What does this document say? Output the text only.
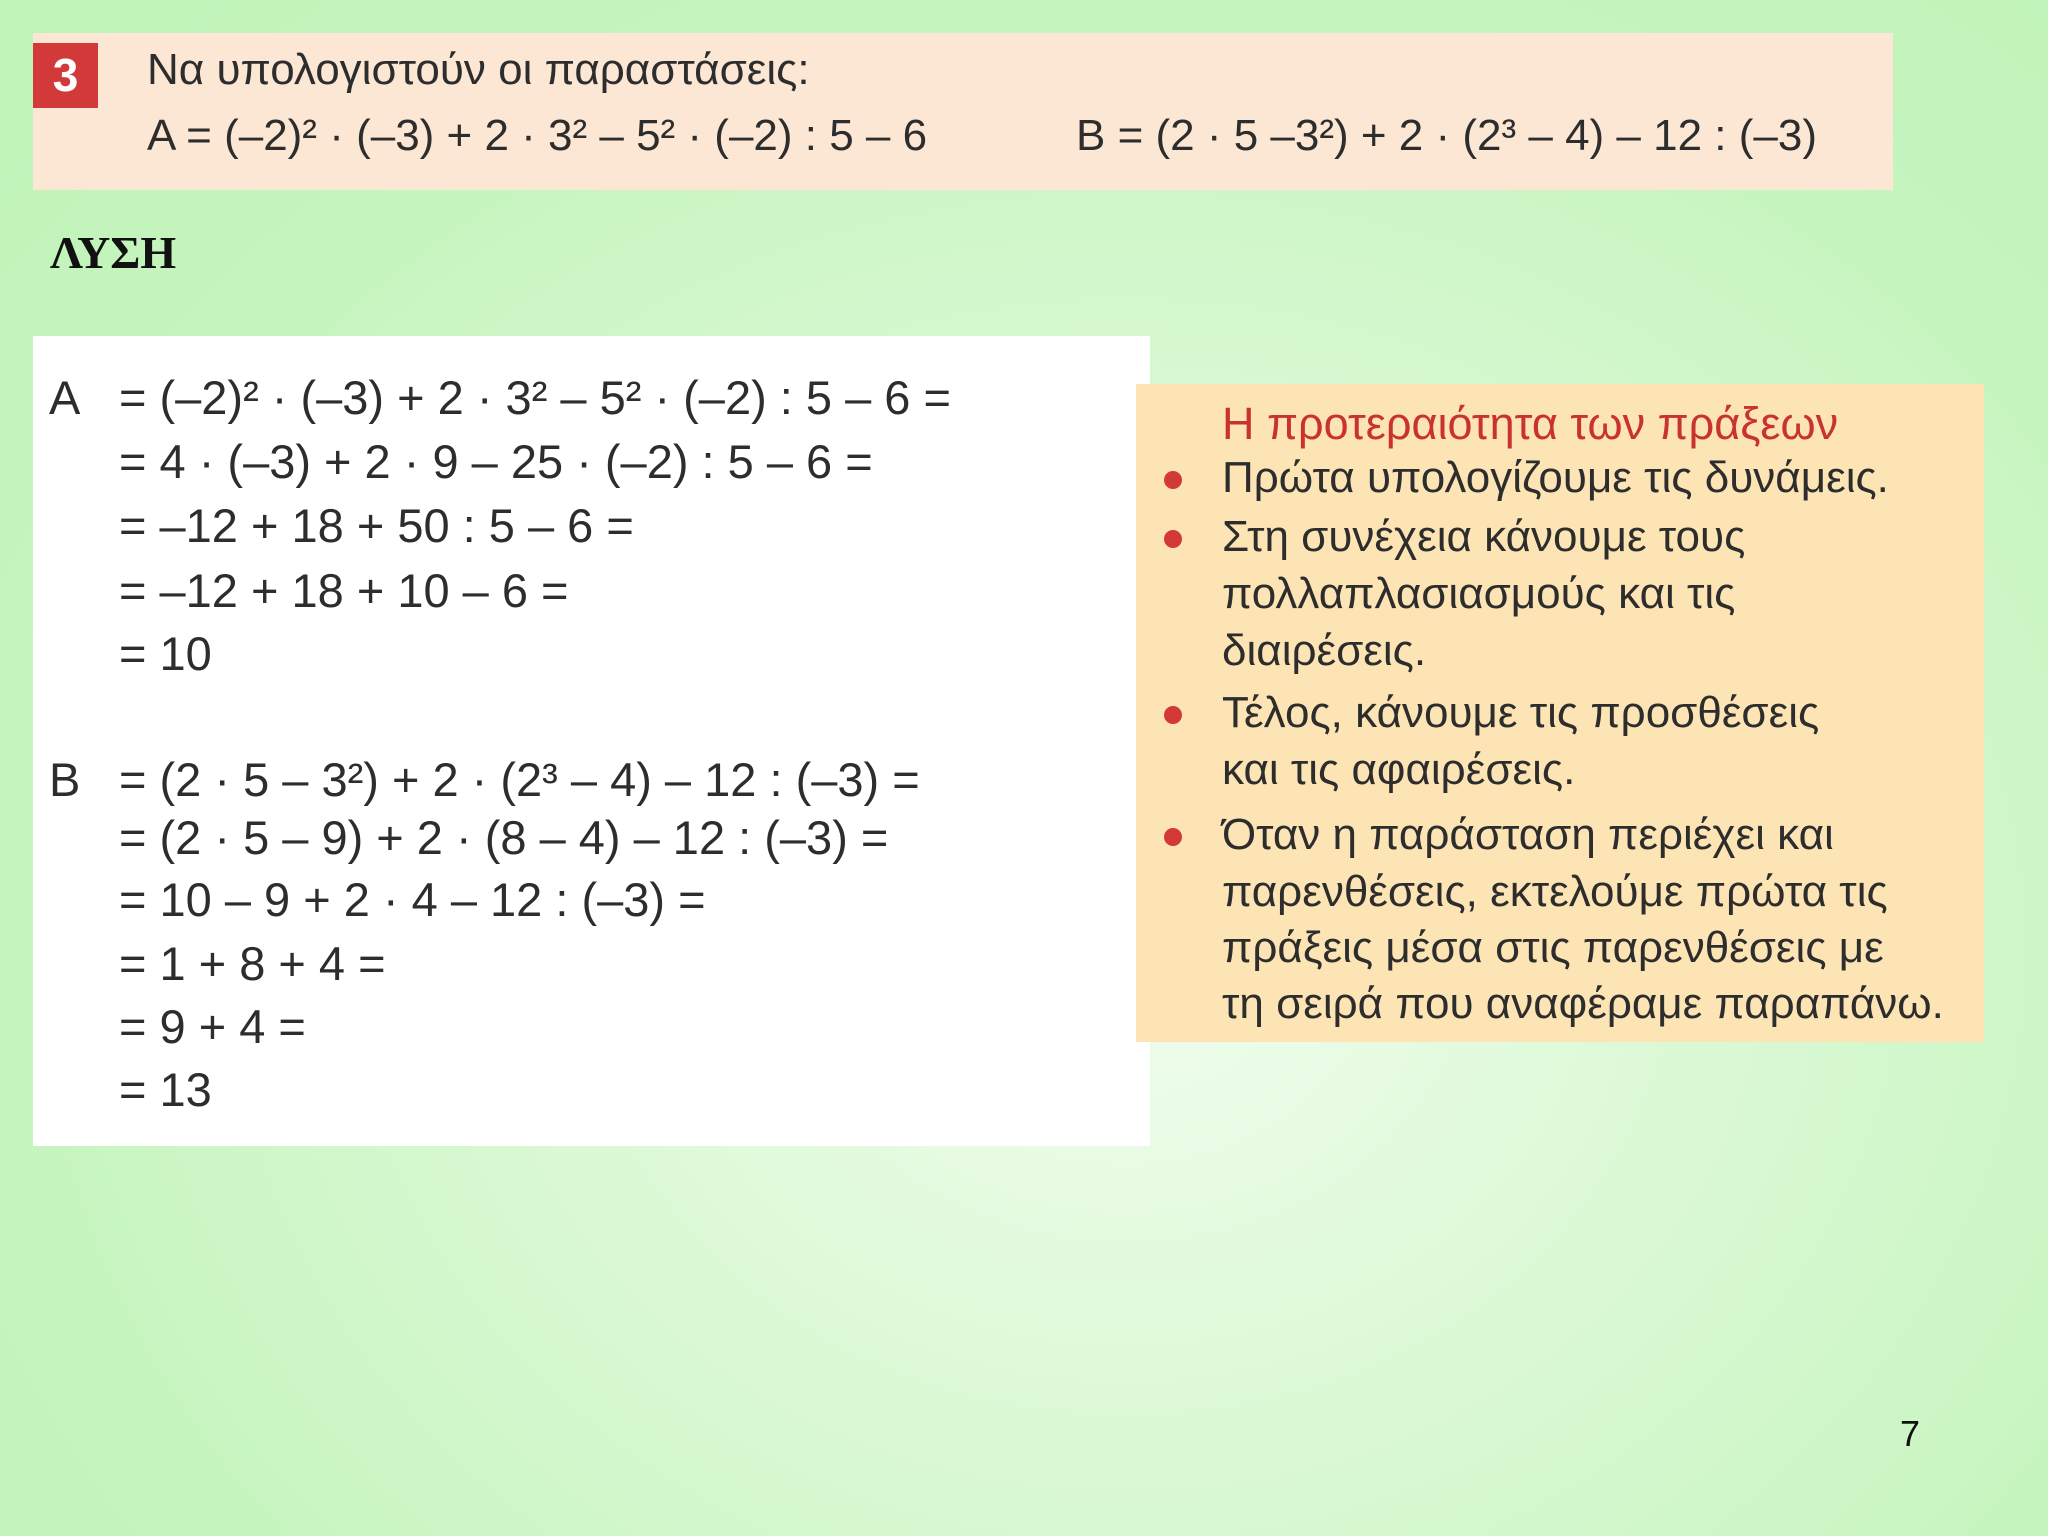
3	Να υπολογιστούν οι παραστάσεις:
A = (–2)² · (–3) + 2 · 3² – 5² · (–2) : 5 – 6	B = (2 · 5 –3²) + 2 · (2³ – 4) – 12 : (–3)
ΛΥΣΗ
A = (–2)² · (–3) + 2 · 3² – 5² · (–2) : 5 – 6 =
= 4 · (–3) + 2 · 9 – 25 · (–2) : 5 – 6 =
= –12 + 18 + 50 : 5 – 6 =
= –12 + 18 + 10 – 6 =
= 10
B = (2 · 5 – 3²) + 2 · (2³ – 4) – 12 : (–3) =
= (2 · 5 – 9) + 2 · (8 – 4) – 12 : (–3) =
= 10 – 9 + 2 · 4 – 12 : (–3) =
= 1 + 8 + 4 =
= 9 + 4 =
= 13
Η προτεραιότητα των πράξεων
Πρώτα υπολογίζουμε τις δυνάμεις.
Στη συνέχεια κάνουμε τους
πολλαπλασιασμούς και τις
διαιρέσεις.
Τέλος, κάνουμε τις προσθέσεις
και τις αφαιρέσεις.
Όταν η παράσταση περιέχει και
παρενθέσεις, εκτελούμε πρώτα τις
πράξεις μέσα στις παρενθέσεις με
τη σειρά που αναφέραμε παραπάνω.
7
